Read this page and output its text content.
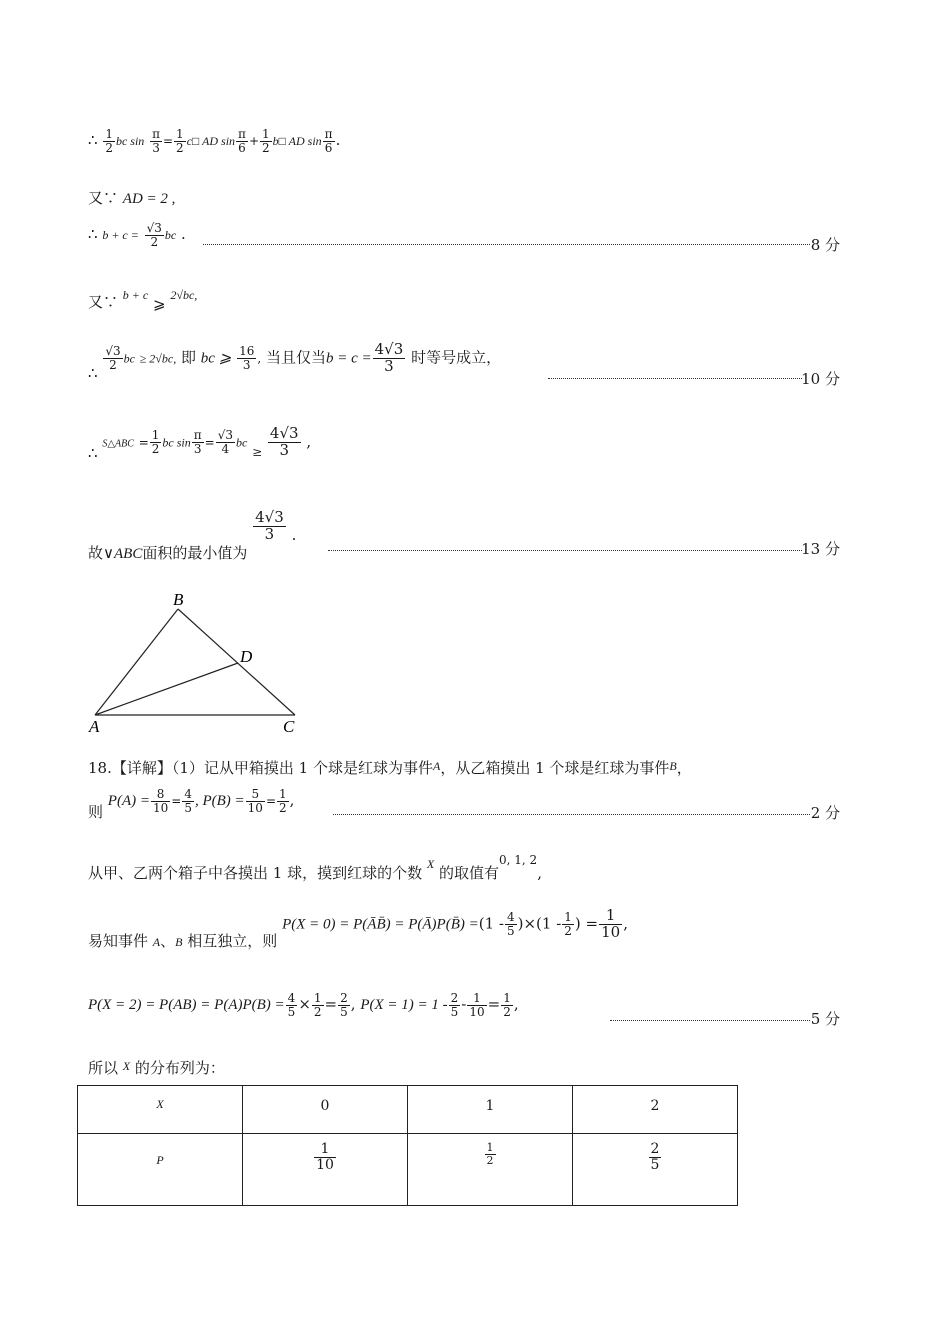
∴ $\frac{1}{2}$ bc $\sin \frac{\pi}{3} = \frac{1}{2}$ c□ AD $\sin \frac{\pi}{6} + \frac{1}{2}$ b□ AD $\sin \frac{\pi}{6}$ .
又∵ AD = 2 ,
∴ $b + c = \frac{√3}{2}$ bc .
8 分
又∵ b + c ⩾ 2√bc,
∴
$\frac{√3}{2}$ bc ≥ 2√bc, 即 bc ⩾ $\frac{16}{3}$ , 当且仅当$b = c = \frac{4√3}{3}$ 时等号成立，
10 分
∴ S△ABC = $\frac{1}{2}$ bc $\sin \frac{\pi}{3} = \frac{√3}{4}$ bc $_\ge \frac{4√3}{3}$ ,
故∨ABC面积的最小值为
$\frac{4√3}{3}$ .
13 分
B
D
A	C
18.【详解】（1）记从甲箱摸出 1 个球是红球为事件$^A$，从乙箱摸出 1 个球是红球为事件$^B$，
则 $P(A) = \frac{8}{10} = \frac{4}{5}$ , $P(B) = \frac{5}{10} = \frac{1}{2}$ ,
2 分
从甲、乙两个箱子中各摸出 1 球，摸到红球的个数 $_X$ 的取值有0, 1, 2,
易知事件 A、B 相互独立，则 P(X = 0) = P(ĀB̄) = P(Ā)P(B̄) $=(1 - \frac{4}{5} )\times(1 - \frac{1}{2}$ ) = $\frac{1}{10}$ ,
$P(X = 2) = P(AB) = P(A)P(B) = \frac{4}{5} \times \frac{1}{2} = \frac{2}{5}$ , $P(X = 1) = 1 - \frac{2}{5} - \frac{1}{10} = \frac{1}{2}$ ,
5 分
所以 $^X$ 的分布列为：
X	0	1	2
P	$\frac{1}{10}$	$\frac{1}{2}$	$\frac{2}{5}$
